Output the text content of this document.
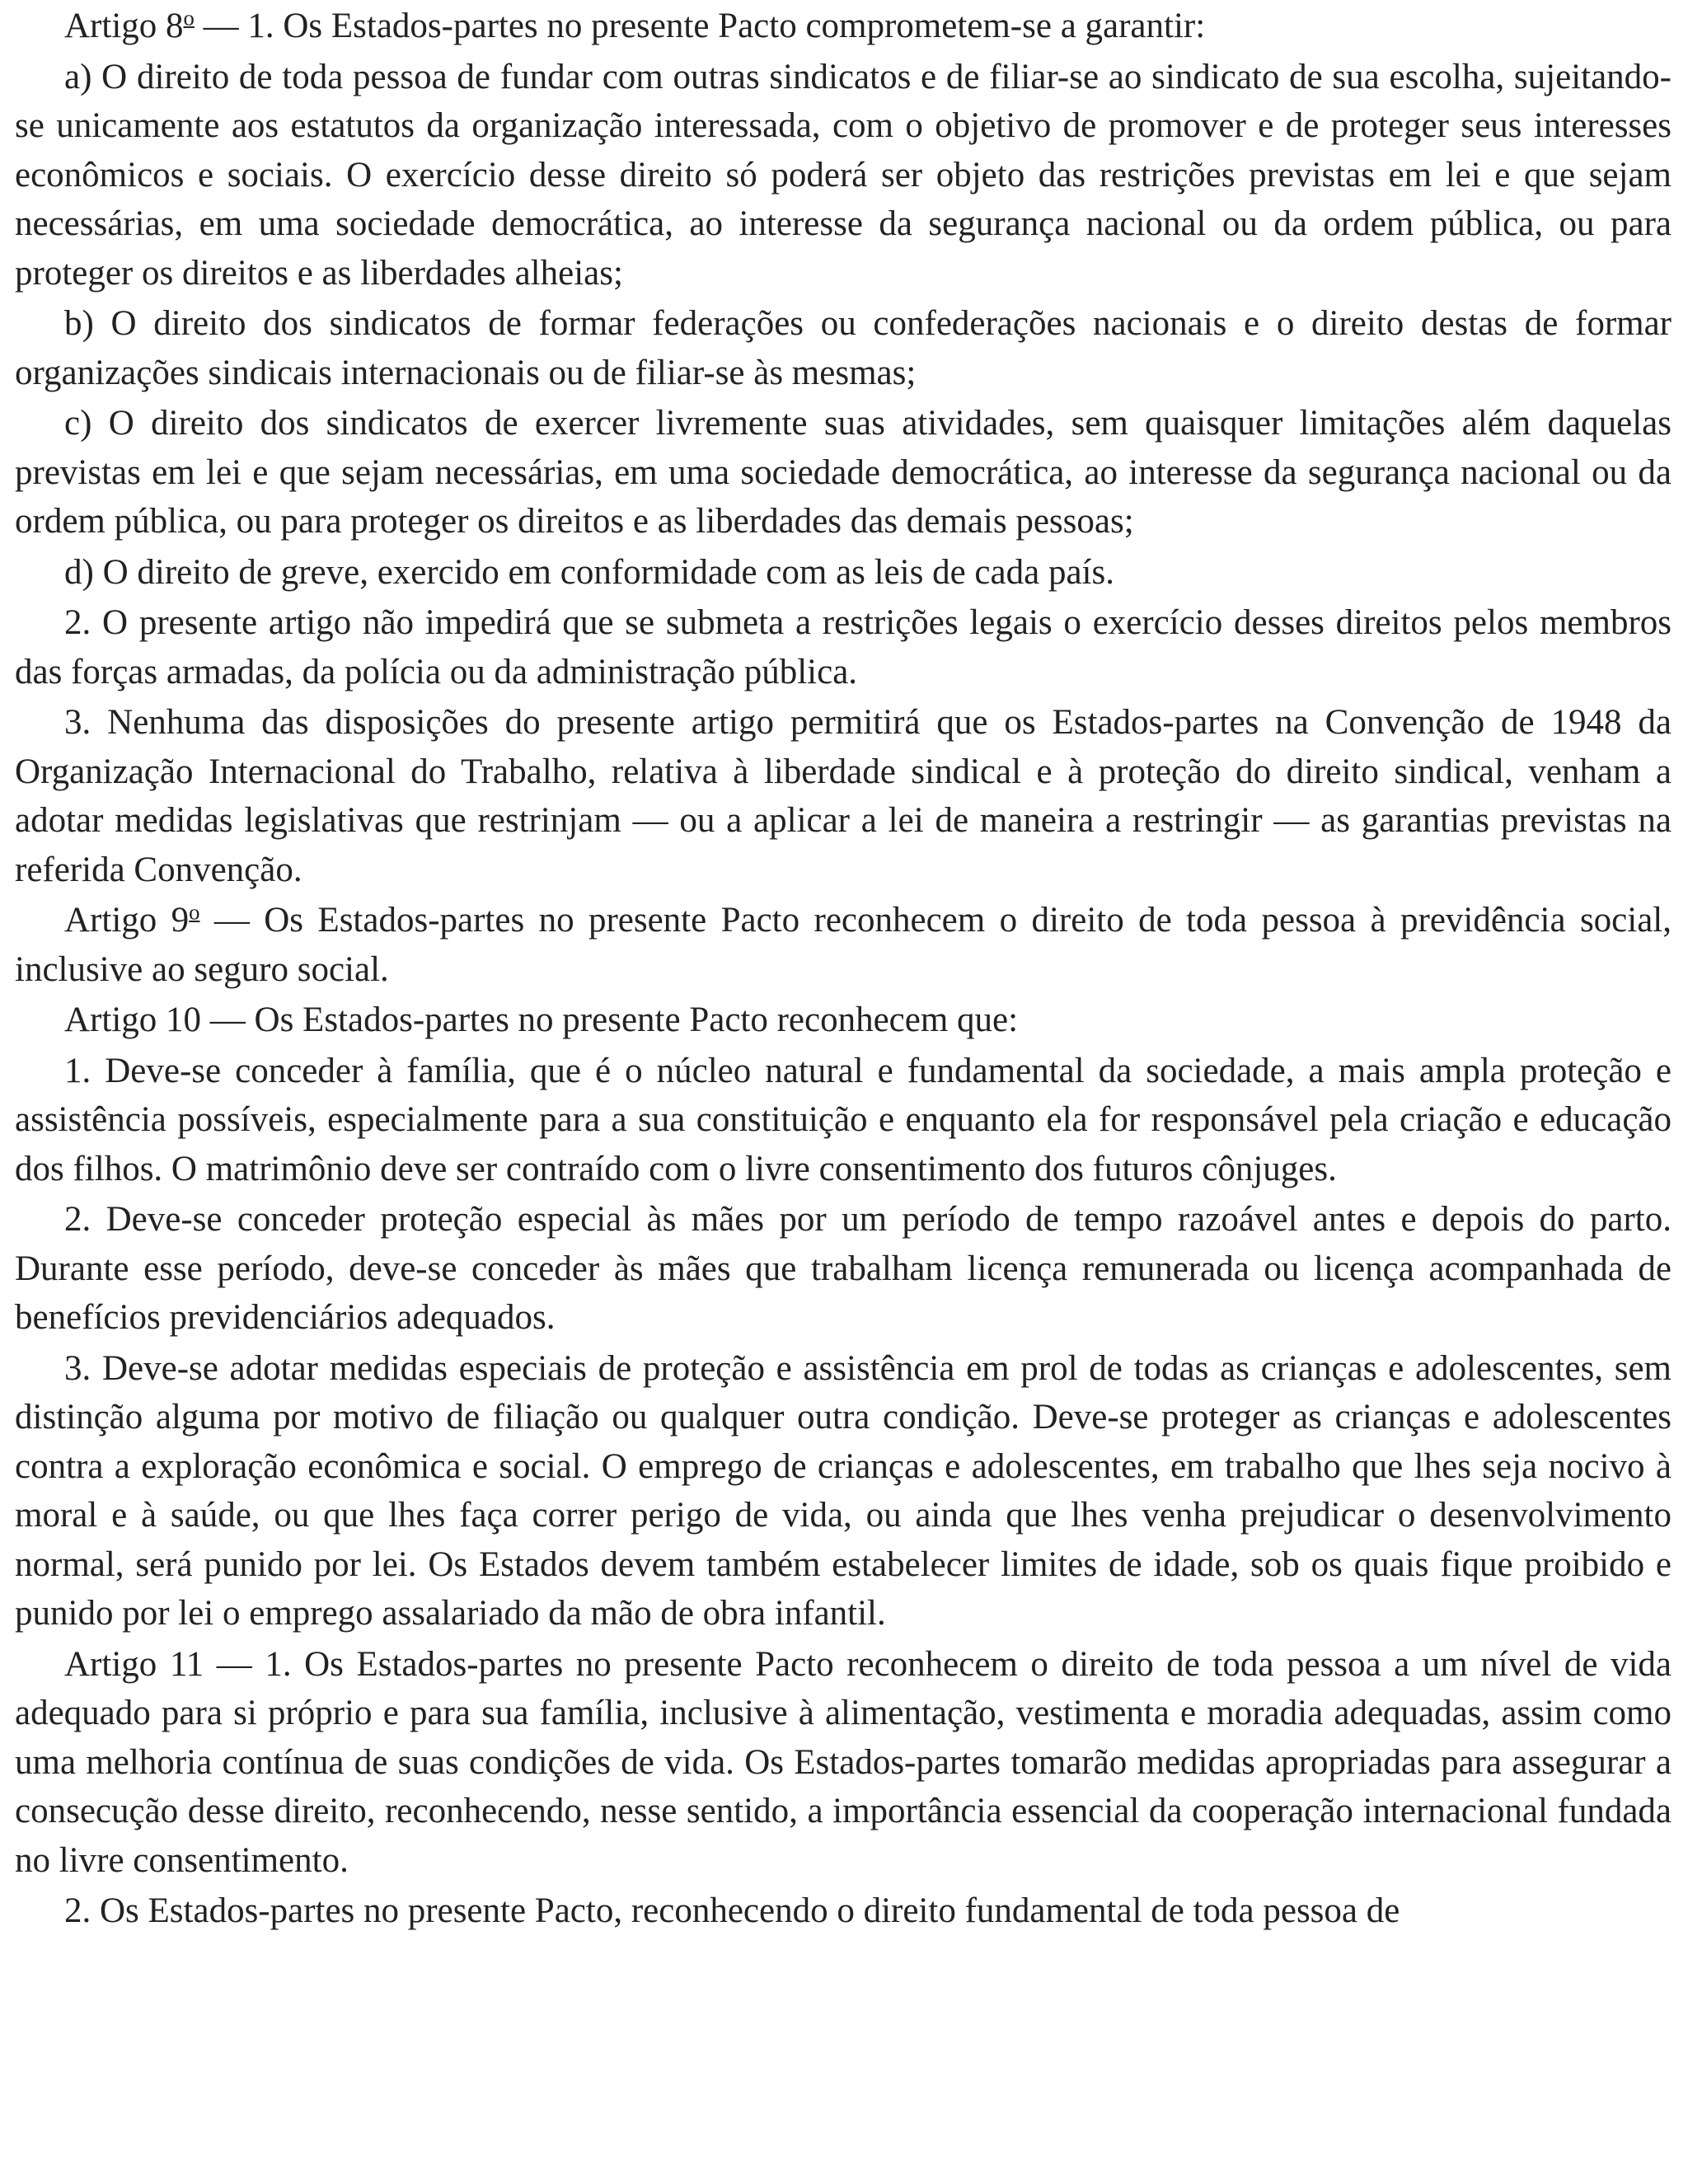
Artigo 8$^o$ — 1. Os Estados-partes no presente Pacto comprometem-se a garantir:

a) O direito de toda pessoa de fundar com outras sindicatos e de filiar-se ao sindicato de sua escolha, sujeitando-se unicamente aos estatutos da organização interessada, com o objetivo de promover e de proteger seus interesses econômicos e sociais. O exercício desse direito só poderá ser objeto das restrições previstas em lei e que sejam necessárias, em uma sociedade democrática, ao interesse da segurança nacional ou da ordem pública, ou para proteger os direitos e as liberdades alheias;

b) O direito dos sindicatos de formar federações ou confederações nacionais e o direito destas de formar organizações sindicais internacionais ou de filiar-se às mesmas;

c) O direito dos sindicatos de exercer livremente suas atividades, sem quaisquer limitações além daquelas previstas em lei e que sejam necessárias, em uma sociedade democrática, ao interesse da segurança nacional ou da ordem pública, ou para proteger os direitos e as liberdades das demais pessoas;

d) O direito de greve, exercido em conformidade com as leis de cada país.

2. O presente artigo não impedirá que se submeta a restrições legais o exercício desses direitos pelos membros das forças armadas, da polícia ou da administração pública.

3. Nenhuma das disposições do presente artigo permitirá que os Estados-partes na Convenção de 1948 da Organização Internacional do Trabalho, relativa à liberdade sindical e à proteção do direito sindical, venham a adotar medidas legislativas que restrinjam — ou a aplicar a lei de maneira a restringir — as garantias previstas na referida Convenção.

Artigo 9$^o$ — Os Estados-partes no presente Pacto reconhecem o direito de toda pessoa à previdência social, inclusive ao seguro social.

Artigo 10 — Os Estados-partes no presente Pacto reconhecem que:

1. Deve-se conceder à família, que é o núcleo natural e fundamental da sociedade, a mais ampla proteção e assistência possíveis, especialmente para a sua constituição e enquanto ela for responsável pela criação e educação dos filhos. O matrimônio deve ser contraído com o livre consentimento dos futuros cônjuges.

2. Deve-se conceder proteção especial às mães por um período de tempo razoável antes e depois do parto. Durante esse período, deve-se conceder às mães que trabalham licença remunerada ou licença acompanhada de benefícios previdenciários adequados.

3. Deve-se adotar medidas especiais de proteção e assistência em prol de todas as crianças e adolescentes, sem distinção alguma por motivo de filiação ou qualquer outra condição. Deve-se proteger as crianças e adolescentes contra a exploração econômica e social. O emprego de crianças e adolescentes, em trabalho que lhes seja nocivo à moral e à saúde, ou que lhes faça correr perigo de vida, ou ainda que lhes venha prejudicar o desenvolvimento normal, será punido por lei. Os Estados devem também estabelecer limites de idade, sob os quais fique proibido e punido por lei o emprego assalariado da mão de obra infantil.

Artigo 11 — 1. Os Estados-partes no presente Pacto reconhecem o direito de toda pessoa a um nível de vida adequado para si próprio e para sua família, inclusive à alimentação, vestimenta e moradia adequadas, assim como uma melhoria contínua de suas condições de vida. Os Estados-partes tomarão medidas apropriadas para assegurar a consecução desse direito, reconhecendo, nesse sentido, a importância essencial da cooperação internacional fundada no livre consentimento.

2. Os Estados-partes no presente Pacto, reconhecendo o direito fundamental de toda pessoa de
